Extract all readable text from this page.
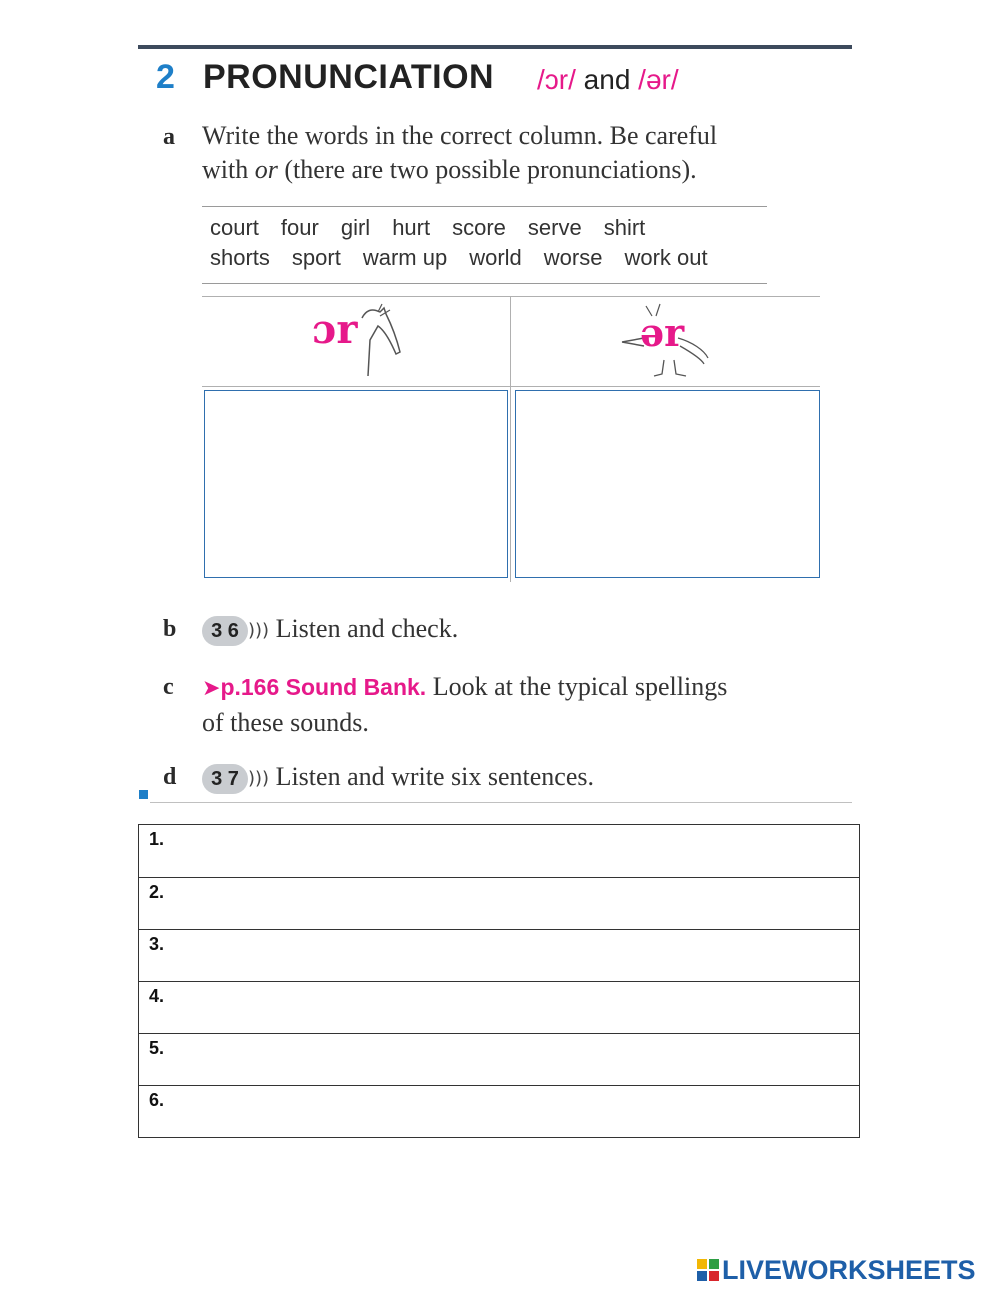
2 PRONUNCIATION /ɔr/ and /ər/
a Write the words in the correct column. Be careful
with or (there are two possible pronunciations).
court four girl hurt score serve shirt
shorts sport warm up world worse work out
ɔr	ər
b	3 6 ))) Listen and check.
c ➤p.166 Sound Bank. Look at the typical spellings
of these sounds.
d	3 7 ))) Listen and write six sentences.
1.
2.
3.
4.
5.
6.
LIVEWORKSHEETS
